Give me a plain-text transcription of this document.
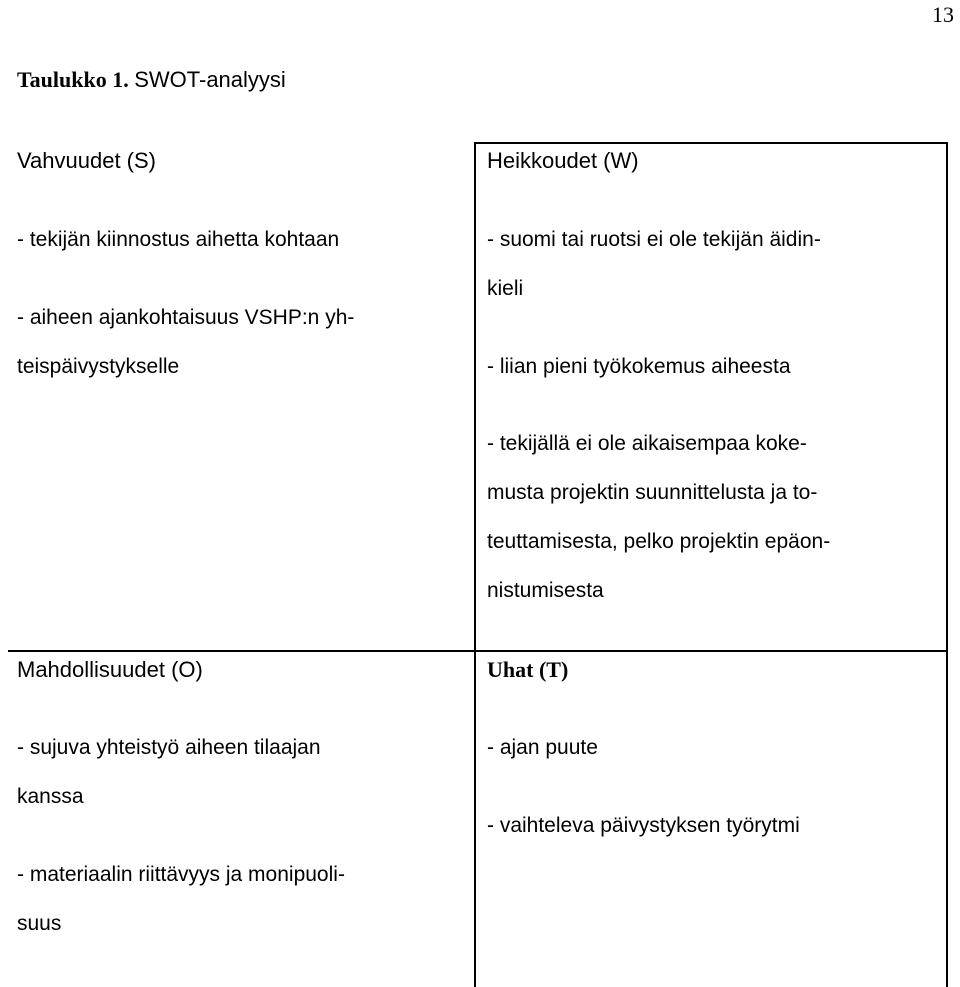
13
Taulukko 1. SWOT-analyysi
Vahvuudet (S)
- tekijän kiinnostus aihetta kohtaan
- aiheen ajankohtaisuus VSHP:n yh-
teispäivystykselle
Heikkoudet (W)
- suomi tai ruotsi ei ole tekijän äidin-
kieli
- liian pieni työkokemus aiheesta
- tekijällä ei ole aikaisempaa koke-
musta projektin suunnittelusta ja to-
teuttamisesta, pelko projektin epäon-
nistumisesta
Mahdollisuudet (O)
- sujuva yhteistyö aiheen tilaajan
kanssa
- materiaalin riittävyys ja monipuoli-
suus
Uhat (T)
- ajan puute
- vaihteleva päivystyksen työrytmi
